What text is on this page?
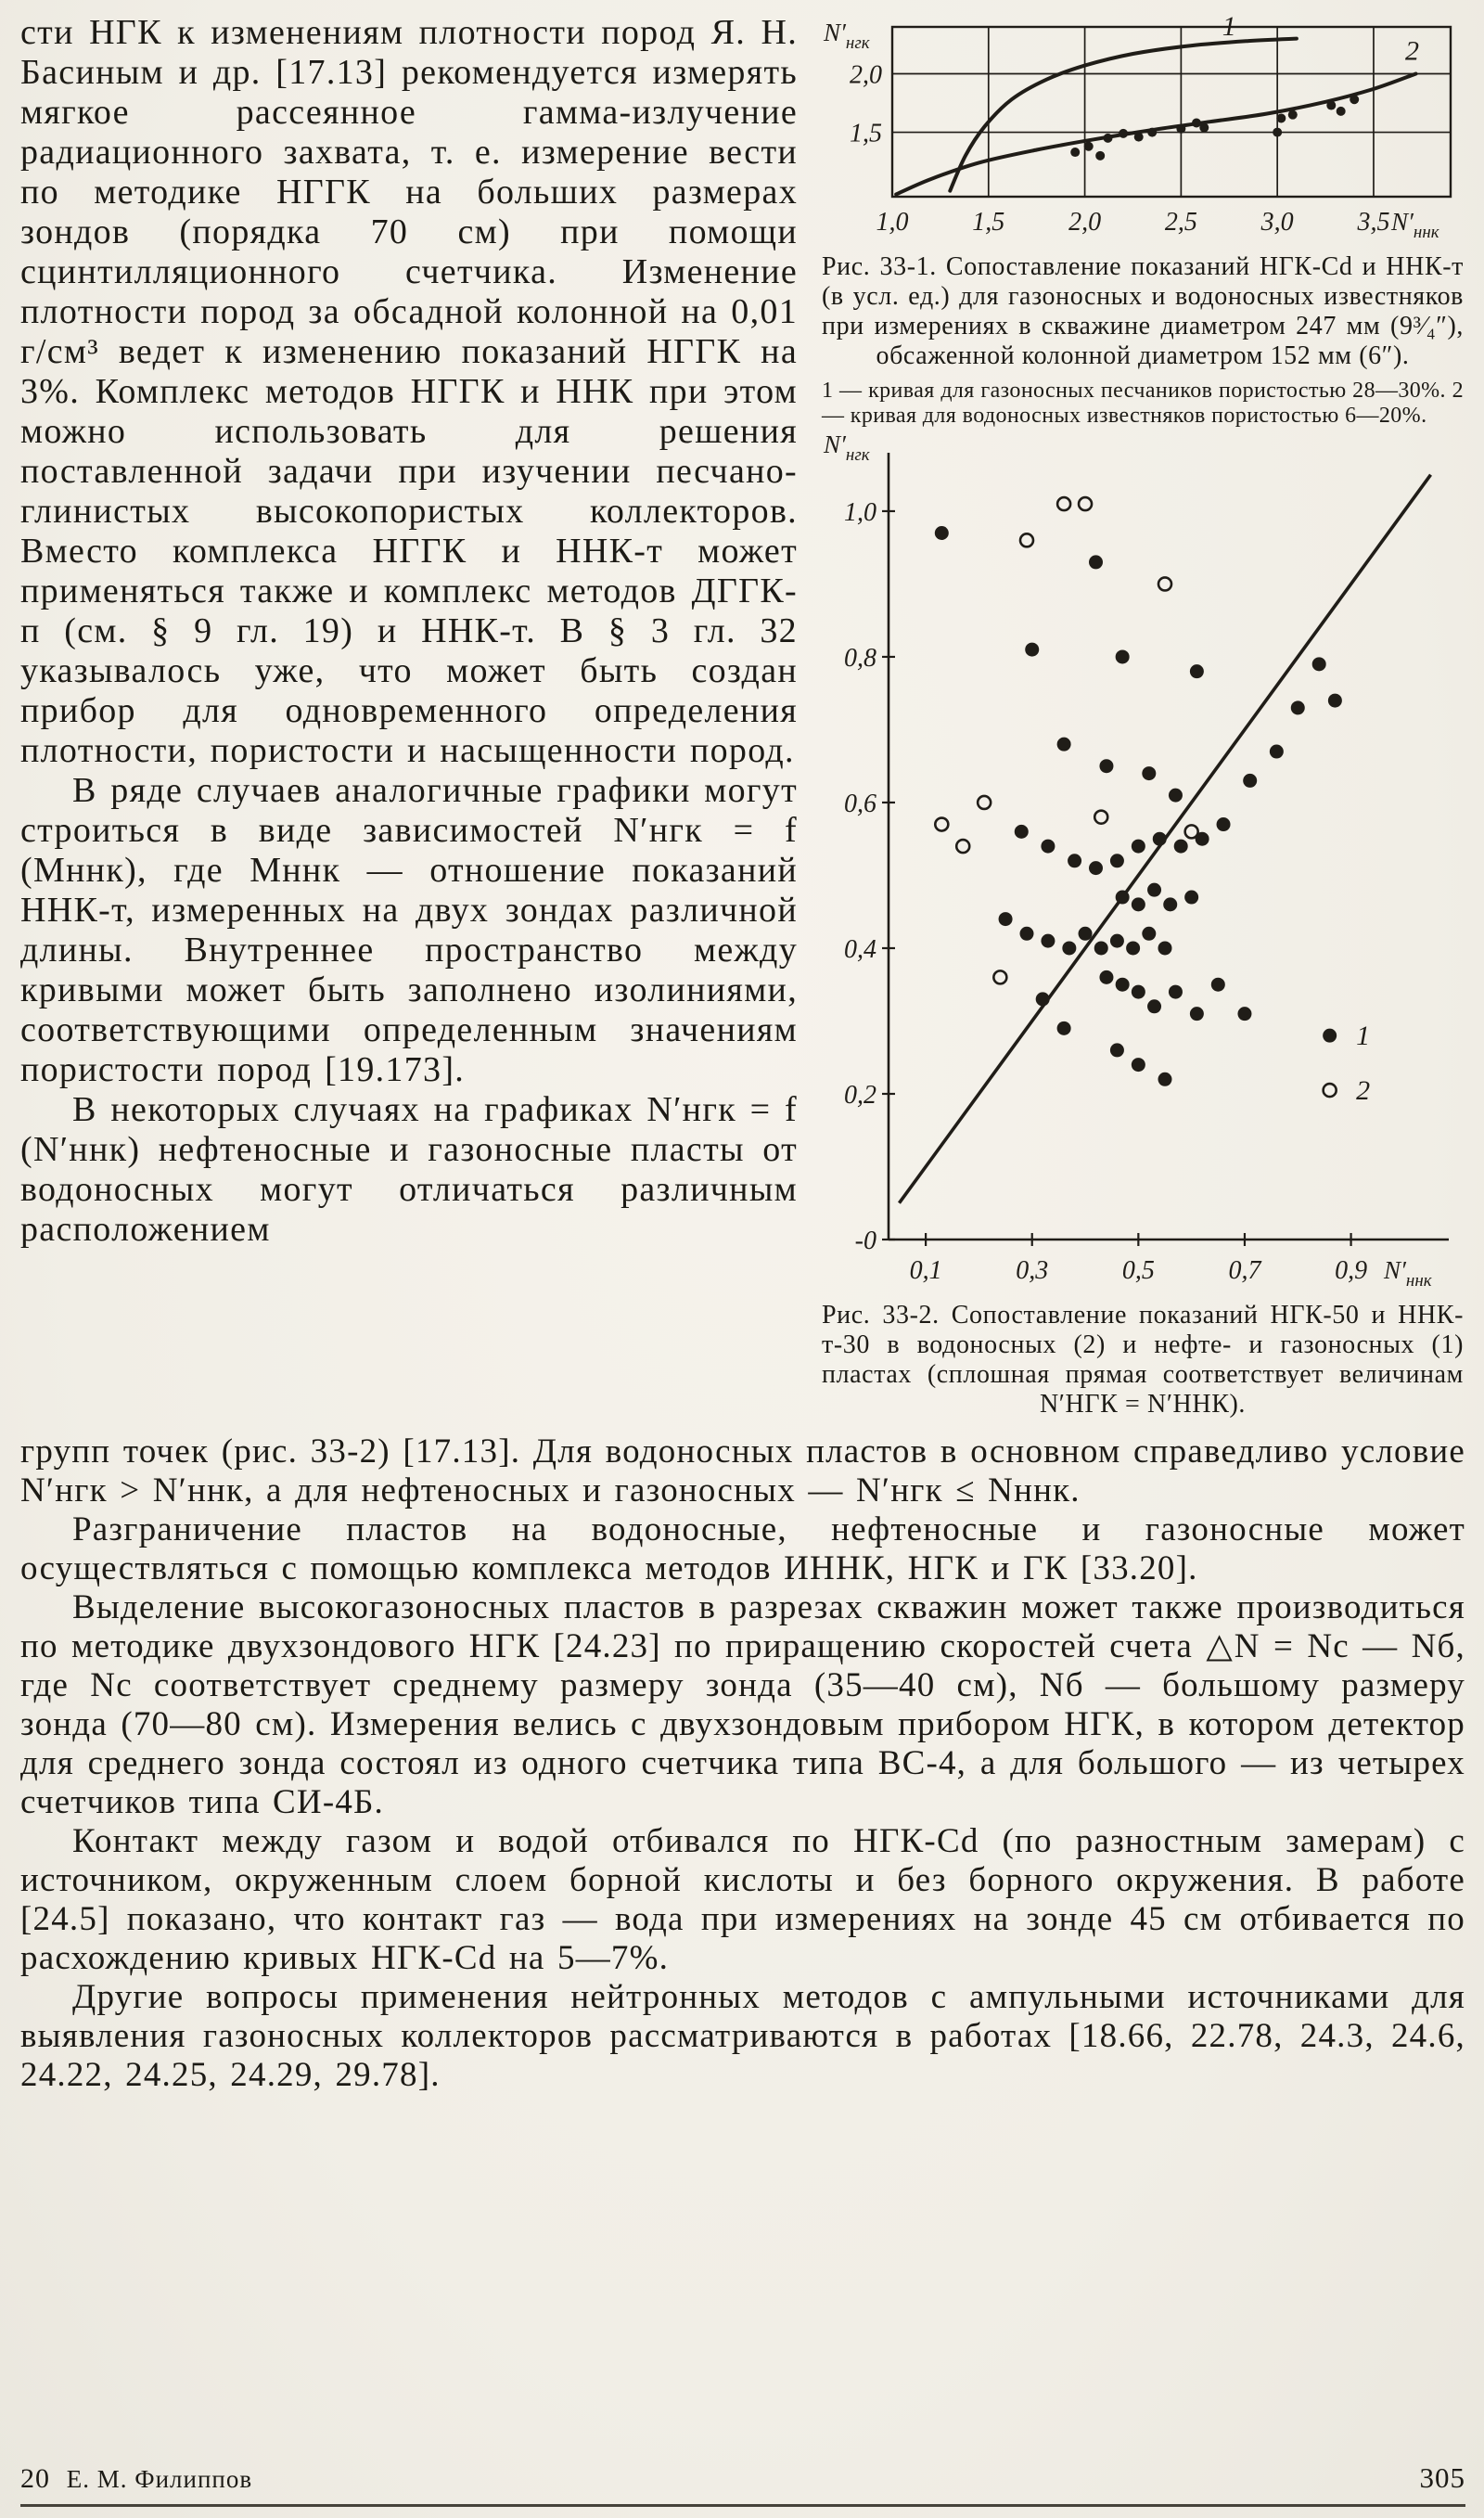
сти НГК к изменениям плотности пород Я. Н. Басиным и др. [17.13] рекомендуется измерять мягкое рассеянное гамма-излучение радиационного захвата, т. е. измерение вести по методике НГГК на больших размерах зондов (порядка 70 см) при помощи сцинтилляционного счетчика. Изменение плотности пород за обсадной колонной на 0,01 г/см³ ведет к изменению показаний НГГК на 3%. Комплекс методов НГГК и ННК при этом можно использовать для решения поставленной задачи при изучении песчано-глинистых высокопористых коллекторов. Вместо комплекса НГГК и ННК-т может применяться также и комплекс методов ДГГК-п (см. § 9 гл. 19) и ННК-т. В § 3 гл. 32 указывалось уже, что может быть создан прибор для одновременного определения плотности, пористости и насыщенности пород.

В ряде случаев аналогичные графики могут строиться в виде зависимостей N′нгк = f (Mннк), где Mннк — отношение показаний ННК-т, измеренных на двух зондах различной длины. Внутреннее пространство между кривыми может быть заполнено изолиниями, соответствующими определенным значениям пористости пород [19.173].

В некоторых случаях на графиках N′нгк = f (N′ннк) нефтеносные и газоносные пласты от водоносных могут отличаться различным расположением

1,5
2,0
1,0 1,5 2,0 2,5 3,0 3,5
$N'_{нгк}$
$N'_{ннк}$
1
2
Рис. 33-1. Сопоставление показаний НГК-Cd и ННК-т (в усл. ед.) для газоносных и водоносных известняков при измерениях в скважине диаметром 247 мм (9³⁄₄″), обсаженной колонной диаметром 152 мм (6″).
1 — кривая для газоносных песчаников пористостью 28—30%. 2 — кривая для водоносных известняков пористостью 6—20%.
1,0
0,8
0,6
0,4
0,2
-0
0,1	0,3	0,5	0,7	0,9
$N'_{нгк}$
$N'_{ннк}$
1
2
Рис. 33-2. Сопоставление показаний НГК-50 и ННК-т-30 в водоносных (2) и нефте- и газоносных (1) пластах (сплошная прямая соответствует величинам N′НГК = N′ННК).

групп точек (рис. 33-2) [17.13]. Для водоносных пластов в основном справедливо условие N′нгк > N′ннк, а для нефтеносных и газоносных — N′нгк ≤ Nннк.

Разграничение пластов на водоносные, нефтеносные и газоносные может осуществляться с помощью комплекса методов ИННК, НГК и ГК [33.20].

Выделение высокогазоносных пластов в разрезах скважин может также производиться по методике двухзондового НГК [24.23] по приращению скоростей счета △N = Nс — Nб, где Nс соответствует среднему размеру зонда (35—40 см), Nб — большому размеру зонда (70—80 см). Измерения велись с двухзондовым прибором НГК, в котором детектор для среднего зонда состоял из одного счетчика типа ВС-4, а для большого — из четырех счетчиков типа СИ-4Б.

Контакт между газом и водой отбивался по НГК-Cd (по разностным замерам) с источником, окруженным слоем борной кислоты и без борного окружения. В работе [24.5] показано, что контакт газ — вода при измерениях на зонде 45 см отбивается по расхождению кривых НГК-Cd на 5—7%.

Другие вопросы применения нейтронных методов с ампульными источниками для выявления газоносных коллекторов рассматриваются в работах [18.66, 22.78, 24.3, 24.6, 24.22, 24.25, 24.29, 29.78].

20 Е. М. Филиппов	305
